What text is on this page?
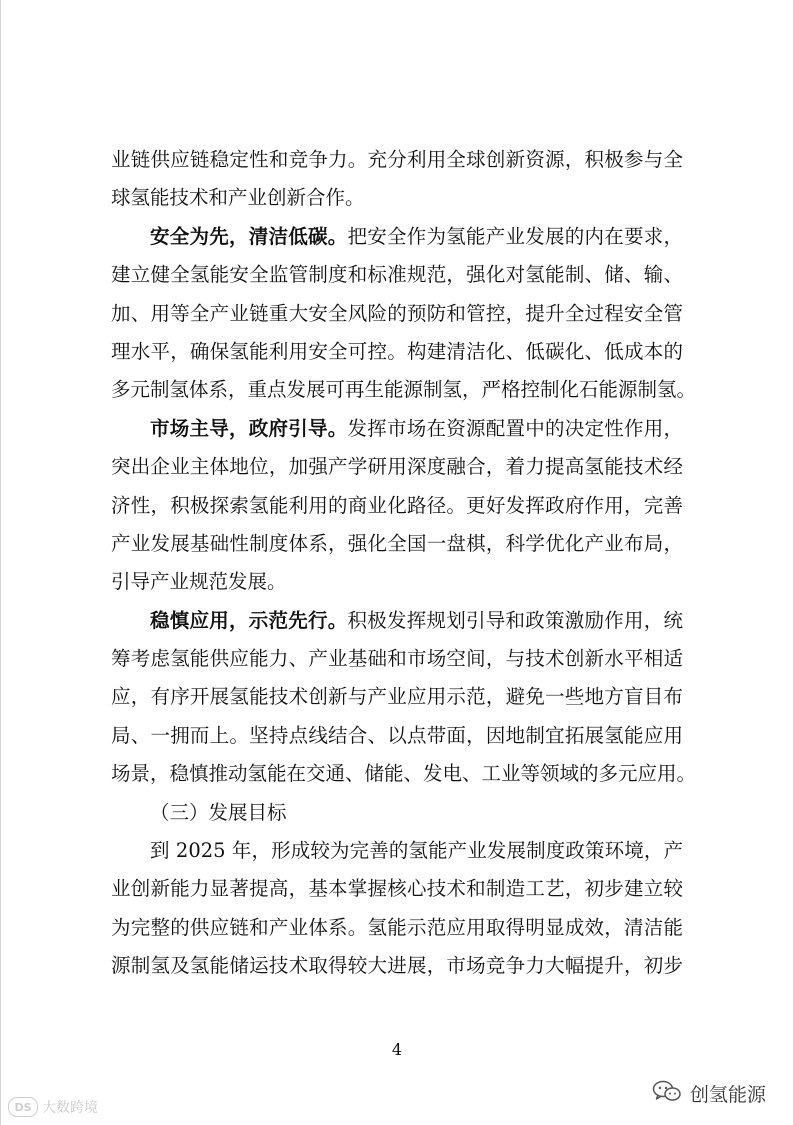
业链供应链稳定性和竞争力。充分利用全球创新资源，积极参与全
球氢能技术和产业创新合作。
安全为先，清洁低碳。把安全作为氢能产业发展的内在要求，
建立健全氢能安全监管制度和标准规范，强化对氢能制、储、输、
加、用等全产业链重大安全风险的预防和管控，提升全过程安全管
理水平，确保氢能利用安全可控。构建清洁化、低碳化、低成本的
多元制氢体系，重点发展可再生能源制氢，严格控制化石能源制氢。
市场主导，政府引导。发挥市场在资源配置中的决定性作用，
突出企业主体地位，加强产学研用深度融合，着力提高氢能技术经
济性，积极探索氢能利用的商业化路径。更好发挥政府作用，完善
产业发展基础性制度体系，强化全国一盘棋，科学优化产业布局，
引导产业规范发展。
稳慎应用，示范先行。积极发挥规划引导和政策激励作用，统
筹考虑氢能供应能力、产业基础和市场空间，与技术创新水平相适
应，有序开展氢能技术创新与产业应用示范，避免一些地方盲目布
局、一拥而上。坚持点线结合、以点带面，因地制宜拓展氢能应用
场景，稳慎推动氢能在交通、储能、发电、工业等领域的多元应用。
（三）发展目标
到 2025 年，形成较为完善的氢能产业发展制度政策环境，产
业创新能力显著提高，基本掌握核心技术和制造工艺，初步建立较
为完整的供应链和产业体系。氢能示范应用取得明显成效，清洁能
源制氢及氢能储运技术取得较大进展，市场竞争力大幅提升，初步
4
DS 大数跨境
创氢能源
